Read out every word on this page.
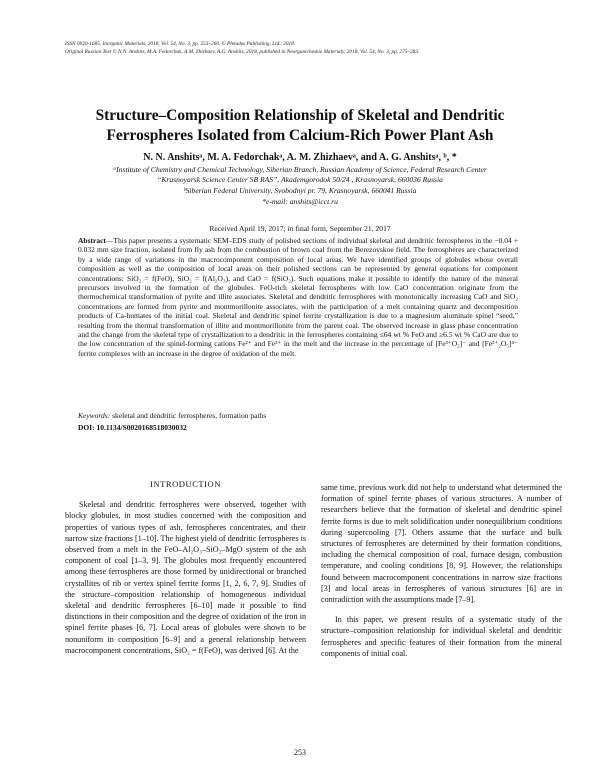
ISSN 0020-1685, Inorganic Materials, 2018, Vol. 54, No. 3, pp. 253–260. © Pleiades Publishing, Ltd., 2018.
Original Russian Text © N.N. Anshits, M.A. Fedorchak, A.M. Zhizhaev, A.G. Anshits, 2018, published in Neorganicheskie Materialy, 2018, Vol. 54, No. 3, pp. 275–283.
Structure–Composition Relationship of Skeletal and Dendritic
Ferrospheres Isolated from Calcium-Rich Power Plant Ash
N. N. Anshitsᵃ, M. A. Fedorchakᵃ, A. M. Zhizhaevᵃ, and A. G. Anshitsᵃ, ᵇ, *
ᵃInstitute of Chemistry and Chemical Technology, Siberian Branch, Russian Academy of Science, Federal Research Center
“Krasnoyarsk Science Center SB RAS”, Akademgorodok 50/24 , Krasnoyarsk, 660036 Russia
ᵇSiberian Federal University, Svobodnyi pr. 79, Krasnoyarsk, 660041 Russia
*e-mail: anshits@icct.ru
Received April 19, 2017; in final form, September 21, 2017
Abstract—This paper presents a systematic SEM–EDS study of polished sections of individual skeletal and dendritic ferrospheres in the −0.04 + 0.032 mm size fraction, isolated from fly ash from the combustion of brown coal from the Berezovskoe field. The ferrospheres are characterized by a wide range of variations in the macrocomponent composition of local areas. We have identified groups of globules whose overall composition as well as the composition of local areas on their polished sections can be represented by general equations for component concentrations: SiO₂ = f(FeO), SiO₂ = f(Al₂O₃), and CaO = f(SiO₂). Such equations make it possible to identify the nature of the mineral precursors involved in the formation of the globules. FeO-rich skeletal ferrospheres with low CaO concentration originate from the thermochemical transformation of pyrite and illite associates. Skeletal and dendritic ferrospheres with monotonically increasing CaO and SiO₂ concentrations are formed from pyrite and montmorillonite associates, with the participation of a melt containing quartz and decomposition products of Ca-humates of the initial coal. Skeletal and dendritic spinel ferrite crystallization is due to a magnesium aluminate spinel “seed,” resulting from the thermal transformation of illite and montmorillonite from the parent coal. The observed increase in glass phase concentration and the change from the skeletal type of crystallization to a dendritic in the ferrospheres containing ≤64 wt % FeO and ≥6.5 wt % CaO are due to the low concentration of the spinel-forming cations Fe²⁺ and Fe³⁺ in the melt and the increase in the percentage of [Fe³⁺O₂]⁻ and [Fe³⁺₂O₅]⁴⁻ ferrite complexes with an increase in the degree of oxidation of the melt.
Keywords: skeletal and dendritic ferrospheres, formation paths
DOI: 10.1134/S0020168518030032

INTRODUCTION

Skeletal and dendritic ferrospheres were observed, together with blocky globules, in most studies concerned with the composition and properties of various types of ash, ferrospheres concentrates, and their narrow size fractions [1–10]. The highest yield of dendritic ferrospheres is observed from a melt in the FeO–Al₂O₃–SiO₂–MgO system of the ash component of coal [1–3, 9]. The globules most frequently encountered among these ferrospheres are those formed by unidirectional or branched crystallites of rib or vertex spinel ferrite forms [1, 2, 6, 7, 9]. Studies of the structure–composition relationship of homogeneous individual skeletal and dendritic ferrospheres [6–10] made it possible to find distinctions in their composition and the degree of oxidation of the iron in spinel ferrite phases [6, 7]. Local areas of globules were shown to be nonuniform in composition [6–9] and a general relationship between macrocomponent concentrations, SiO₂ = f(FeO), was derived [6]. At the

same time, previous work did not help to understand what determined the formation of spinel ferrite phases of various structures. A number of researchers believe that the formation of skeletal and dendritic spinel ferrite forms is due to melt solidification under nonequilibrium conditions during supercooling [7]. Others assume that the surface and bulk structures of ferrospheres are determined by their formation conditions, including the chemical composition of coal, furnace design, combustion temperature, and cooling conditions [8, 9]. However, the relationships found between macrocomponent concentrations in narrow size fractions [3] and local areas in ferrospheres of various structures [6] are in contradiction with the assumptions made [7–9].

In this paper, we present results of a systematic study of the structure–composition relationship for individual skeletal and dendritic ferrospheres and specific features of their formation from the mineral components of initial coal.

253
